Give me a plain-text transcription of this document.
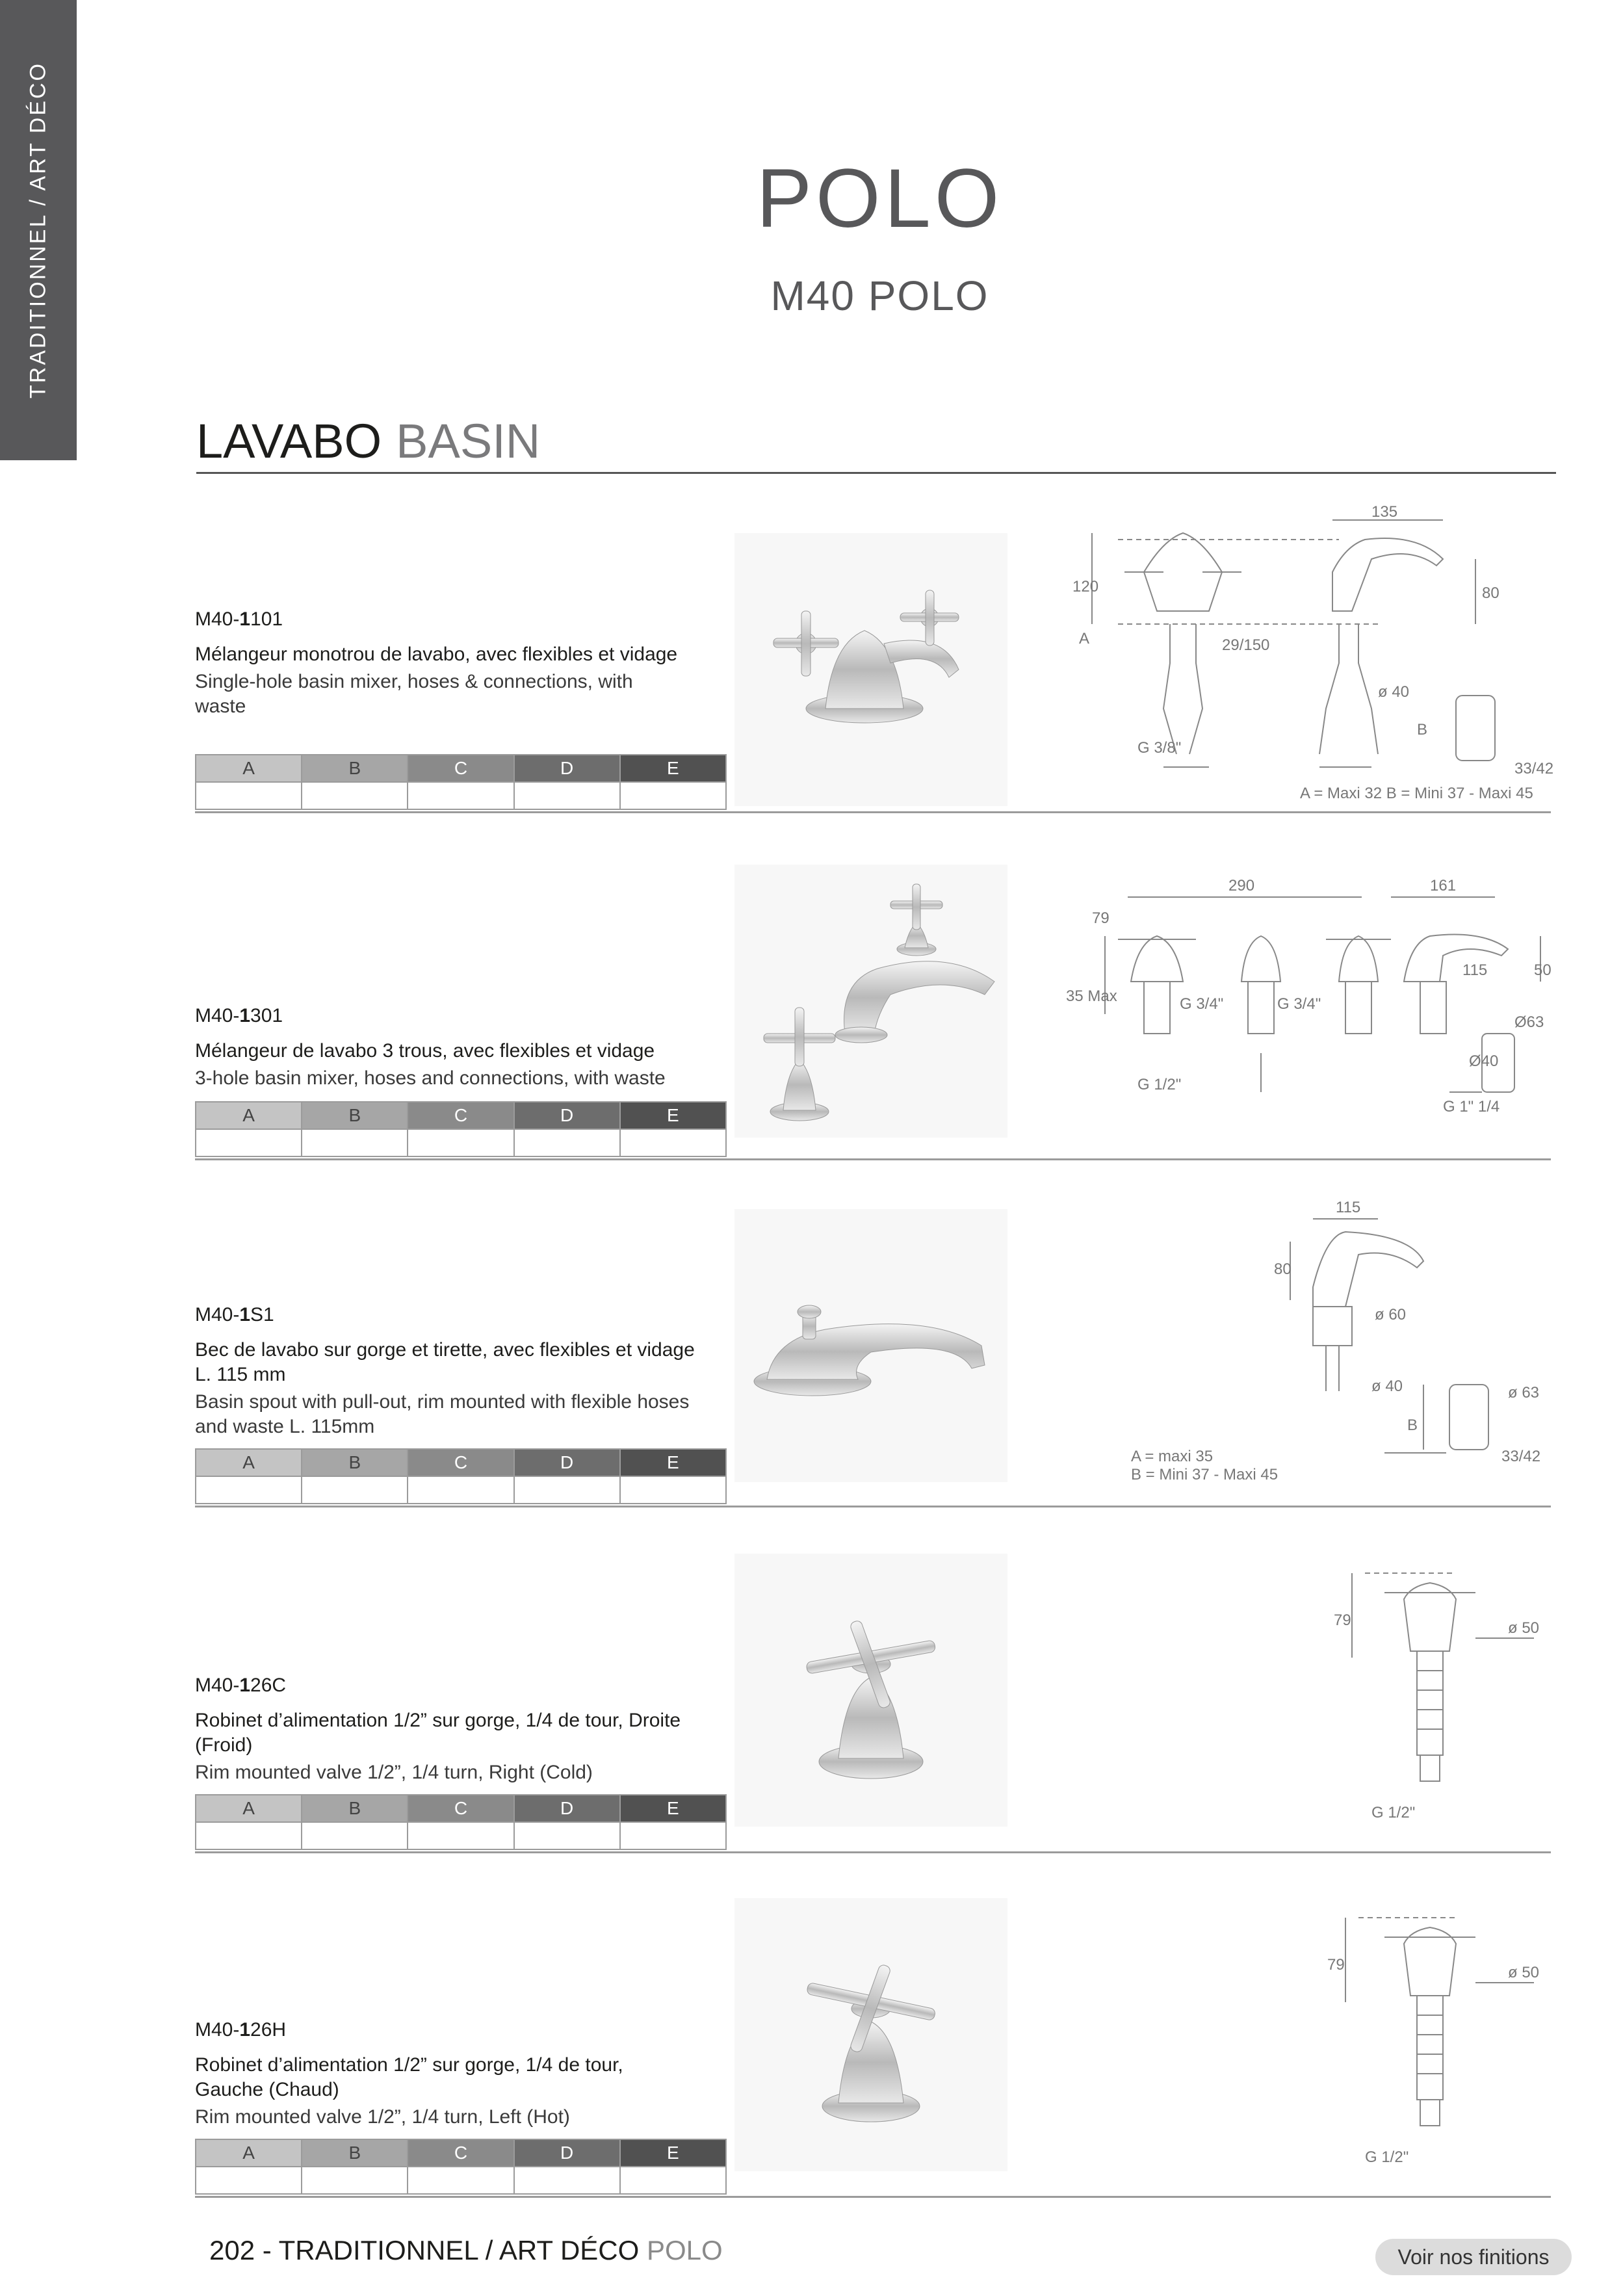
TRADITIONNEL / ART DÉCO	POLO
M40 POLO
LAVABO BASIN
M40-1101
Mélangeur monotrou de lavabo, avec flexibles et vidage
Single-hole basin mixer, hoses & connections, with waste
A	B	C	D	E

135
120	80
A	29/150
ø 40
B
G 3/8"
33/42
A = Maxi 32 B = Mini 37 - Maxi 45
M40-1301
Mélangeur de lavabo 3 trous, avec flexibles et vidage
3-hole basin mixer, hoses and connections, with waste
A	B	C	D	E

290	161
79
115	50
35 Max	G 3/4"	G 3/4"
Ø63
Ø40
G 1/2"
G 1" 1/4
M40-1S1
Bec de lavabo sur gorge et tirette, avec flexibles et vidage L. 115 mm
Basin spout with pull-out, rim mounted with flexible hoses and waste L. 115mm
A	B	C	D	E

115
80
ø 60
ø 40	ø 63
B
33/42
A = maxi 35
B = Mini 37 - Maxi 45
M40-126C
Robinet d’alimentation 1/2” sur gorge, 1/4 de tour, Droite (Froid)
Rim mounted valve 1/2”, 1/4 turn, Right (Cold)
A	B	C	D	E

79	ø 50
G 1/2"
M40-126H
Robinet d’alimentation 1/2” sur gorge, 1/4 de tour, Gauche (Chaud)
Rim mounted valve 1/2”, 1/4 turn, Left (Hot)
A	B	C	D	E

79	ø 50
G 1/2"
202 - TRADITIONNEL / ART DÉCO POLO	Voir nos finitions
